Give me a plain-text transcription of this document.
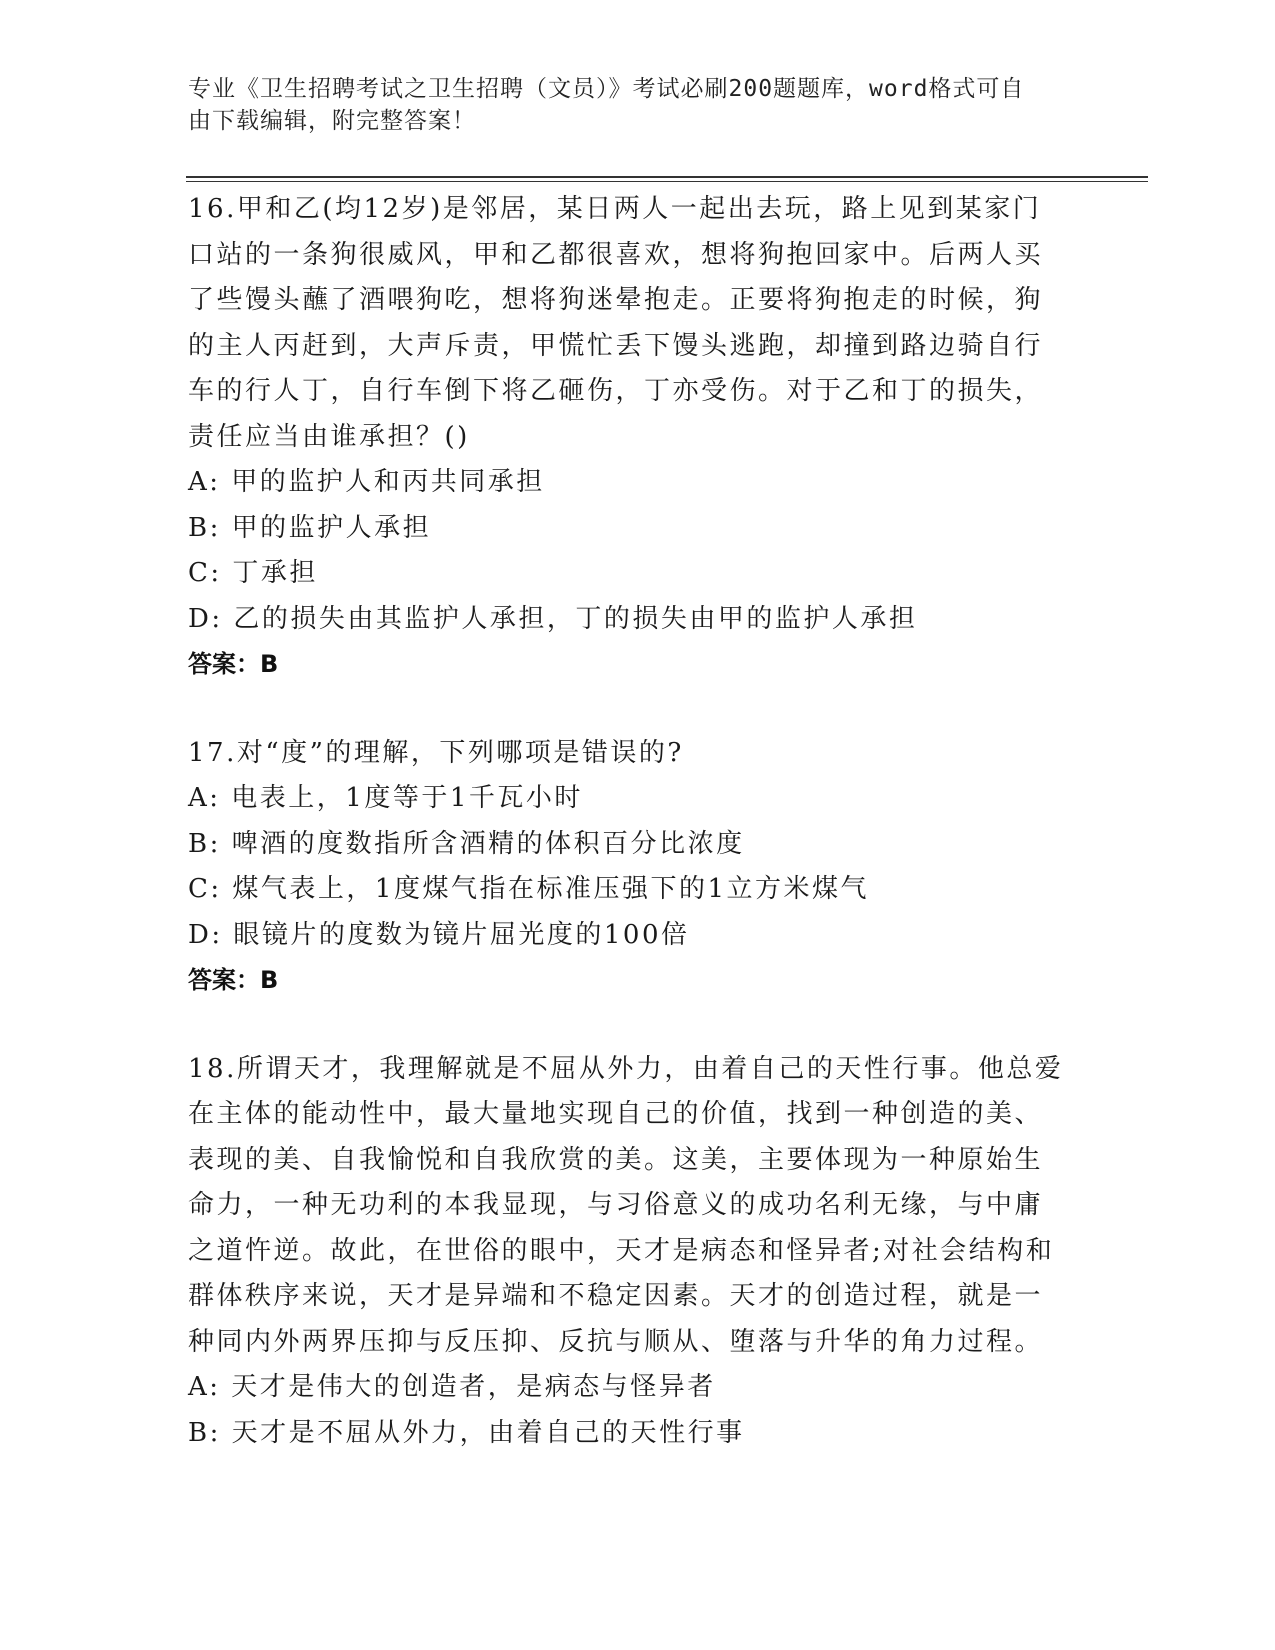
专业《卫生招聘考试之卫生招聘（文员）》考试必刷200题题库，word格式可自
由下载编辑，附完整答案！
16.甲和乙(均12岁)是邻居，某日两人一起出去玩，路上见到某家门
口站的一条狗很威风，甲和乙都很喜欢，想将狗抱回家中。后两人买
了些馒头蘸了酒喂狗吃，想将狗迷晕抱走。正要将狗抱走的时候，狗
的主人丙赶到，大声斥责，甲慌忙丢下馒头逃跑，却撞到路边骑自行
车的行人丁，自行车倒下将乙砸伤，丁亦受伤。对于乙和丁的损失，
责任应当由谁承担？()
A: 甲的监护人和丙共同承担
B: 甲的监护人承担
C: 丁承担
D: 乙的损失由其监护人承担，丁的损失由甲的监护人承担
答案：B
17.对“度”的理解，下列哪项是错误的?
A: 电表上，1度等于1千瓦小时
B: 啤酒的度数指所含酒精的体积百分比浓度
C: 煤气表上，1度煤气指在标准压强下的1立方米煤气
D: 眼镜片的度数为镜片屈光度的100倍
答案：B
18.所谓天才，我理解就是不屈从外力，由着自己的天性行事。他总爱
在主体的能动性中，最大量地实现自己的价值，找到一种创造的美、
表现的美、自我愉悦和自我欣赏的美。这美，主要体现为一种原始生
命力，一种无功利的本我显现，与习俗意义的成功名利无缘，与中庸
之道忤逆。故此，在世俗的眼中，天才是病态和怪异者;对社会结构和
群体秩序来说，天才是异端和不稳定因素。天才的创造过程，就是一
种同内外两界压抑与反压抑、反抗与顺从、堕落与升华的角力过程。
A: 天才是伟大的创造者，是病态与怪异者
B: 天才是不屈从外力，由着自己的天性行事
